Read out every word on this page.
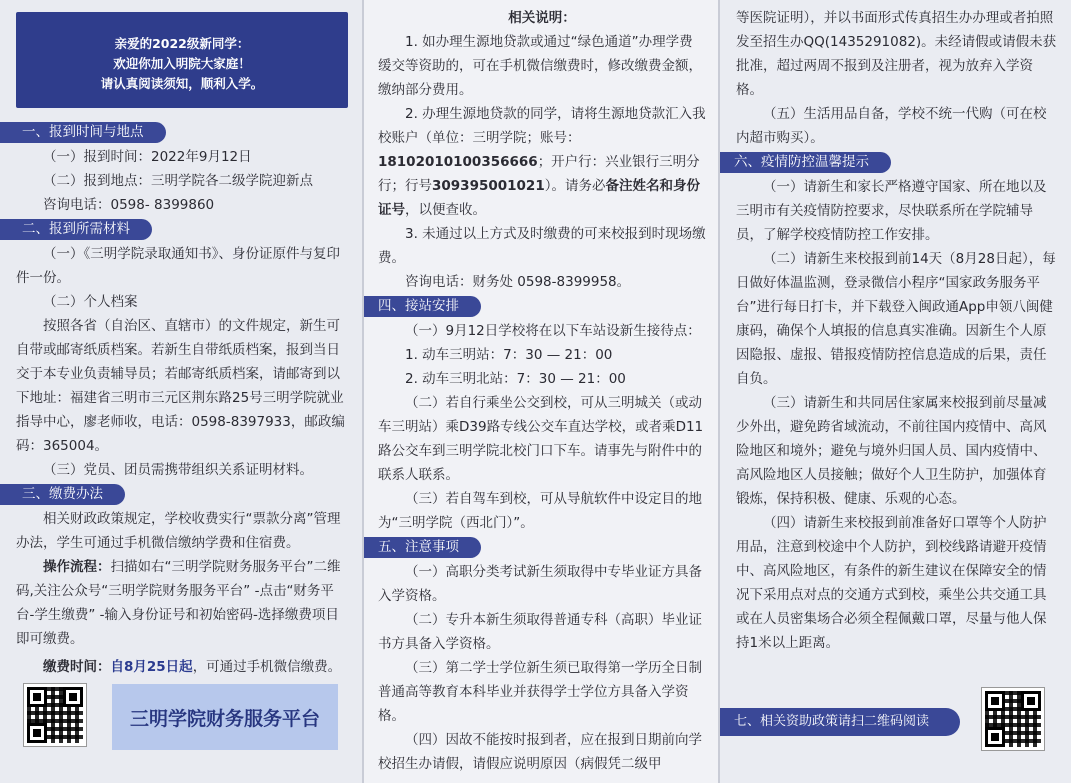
亲爱的2022级新同学：
欢迎你加入明院大家庭！
请认真阅读须知，顺利入学。
一、报到时间与地点

（一）报到时间：2022年9月12日

（二）报到地点：三明学院各二级学院迎新点

咨询电话：0598- 8399860

二、报到所需材料

（一）《三明学院录取通知书》、身份证原件与复印件一份。

（二）个人档案

按照各省（自治区、直辖市）的文件规定，新生可自带或邮寄纸质档案。若新生自带纸质档案，报到当日交于本专业负责辅导员；若邮寄纸质档案，请邮寄到以下地址：福建省三明市三元区荆东路25号三明学院就业指导中心，廖老师收，电话：0598-8397933，邮政编码：365004。

（三）党员、团员需携带组织关系证明材料。

三、缴费办法

相关财政政策规定，学校收费实行“票款分离”管理办法，学生可通过手机微信缴纳学费和住宿费。

操作流程：扫描如右“三明学院财务服务平台”二维码,关注公众号“三明学院财务服务平台” -点击“财务平台-学生缴费” -输入身份证号和初始密码-选择缴费项目即可缴费。

缴费时间：自8月25日起，可通过手机微信缴费。

三明学院财务服务平台

相关说明：

1. 如办理生源地贷款或通过“绿色通道”办理学费缓交等资助的，可在手机微信缴费时，修改缴费金额，缴纳部分费用。

2. 办理生源地贷款的同学，请将生源地贷款汇入我校账户（单位：三明学院；账号：18102010100356666；开户行：兴业银行三明分行；行号309395001021）。请务必备注姓名和身份证号，以便查收。

3. 未通过以上方式及时缴费的可来校报到时现场缴费。

咨询电话：财务处 0598-8399958。

四、接站安排

（一）9月12日学校将在以下车站设新生接待点：

1. 动车三明站：7：30 — 21：00

2. 动车三明北站：7：30 — 21：00

（二）若自行乘坐公交到校，可从三明城关（或动车三明站）乘D39路专线公交车直达学校，或者乘D11路公交车到三明学院北校门口下车。请事先与附件中的联系人联系。

（三）若自驾车到校，可从导航软件中设定目的地为“三明学院（西北门）”。

五、注意事项

（一）高职分类考试新生须取得中专毕业证方具备入学资格。

（二）专升本新生须取得普通专科（高职）毕业证书方具备入学资格。

（三）第二学士学位新生须已取得第一学历全日制普通高等教育本科毕业并获得学士学位方具备入学资格。

（四）因故不能按时报到者，应在报到日期前向学校招生办请假，请假应说明原因（病假凭二级甲

等医院证明），并以书面形式传真招生办办理或者拍照发至招生办QQ(1435291082)。未经请假或请假未获批准，超过两周不报到及注册者，视为放弃入学资格。

（五）生活用品自备，学校不统一代购（可在校内超市购买）。

六、疫情防控温馨提示

（一）请新生和家长严格遵守国家、所在地以及三明市有关疫情防控要求，尽快联系所在学院辅导员，了解学校疫情防控工作安排。

（二）请新生来校报到前14天（8月28日起），每日做好体温监测，登录微信小程序“国家政务服务平台”进行每日打卡，并下载登入闽政通App申领八闽健康码，确保个人填报的信息真实准确。因新生个人原因隐报、虚报、错报疫情防控信息造成的后果，责任自负。

（三）请新生和共同居住家属来校报到前尽量减少外出，避免跨省域流动，不前往国内疫情中、高风险地区和境外；避免与境外归国人员、国内疫情中、高风险地区人员接触；做好个人卫生防护，加强体育锻炼，保持积极、健康、乐观的心态。

（四）请新生来校报到前准备好口罩等个人防护用品，注意到校途中个人防护，到校线路请避开疫情中、高风险地区，有条件的新生建议在保障安全的情况下采用点对点的交通方式到校，乘坐公共交通工具或在人员密集场合必须全程佩戴口罩，尽量与他人保持1米以上距离。

七、相关资助政策请扫二维码阅读
